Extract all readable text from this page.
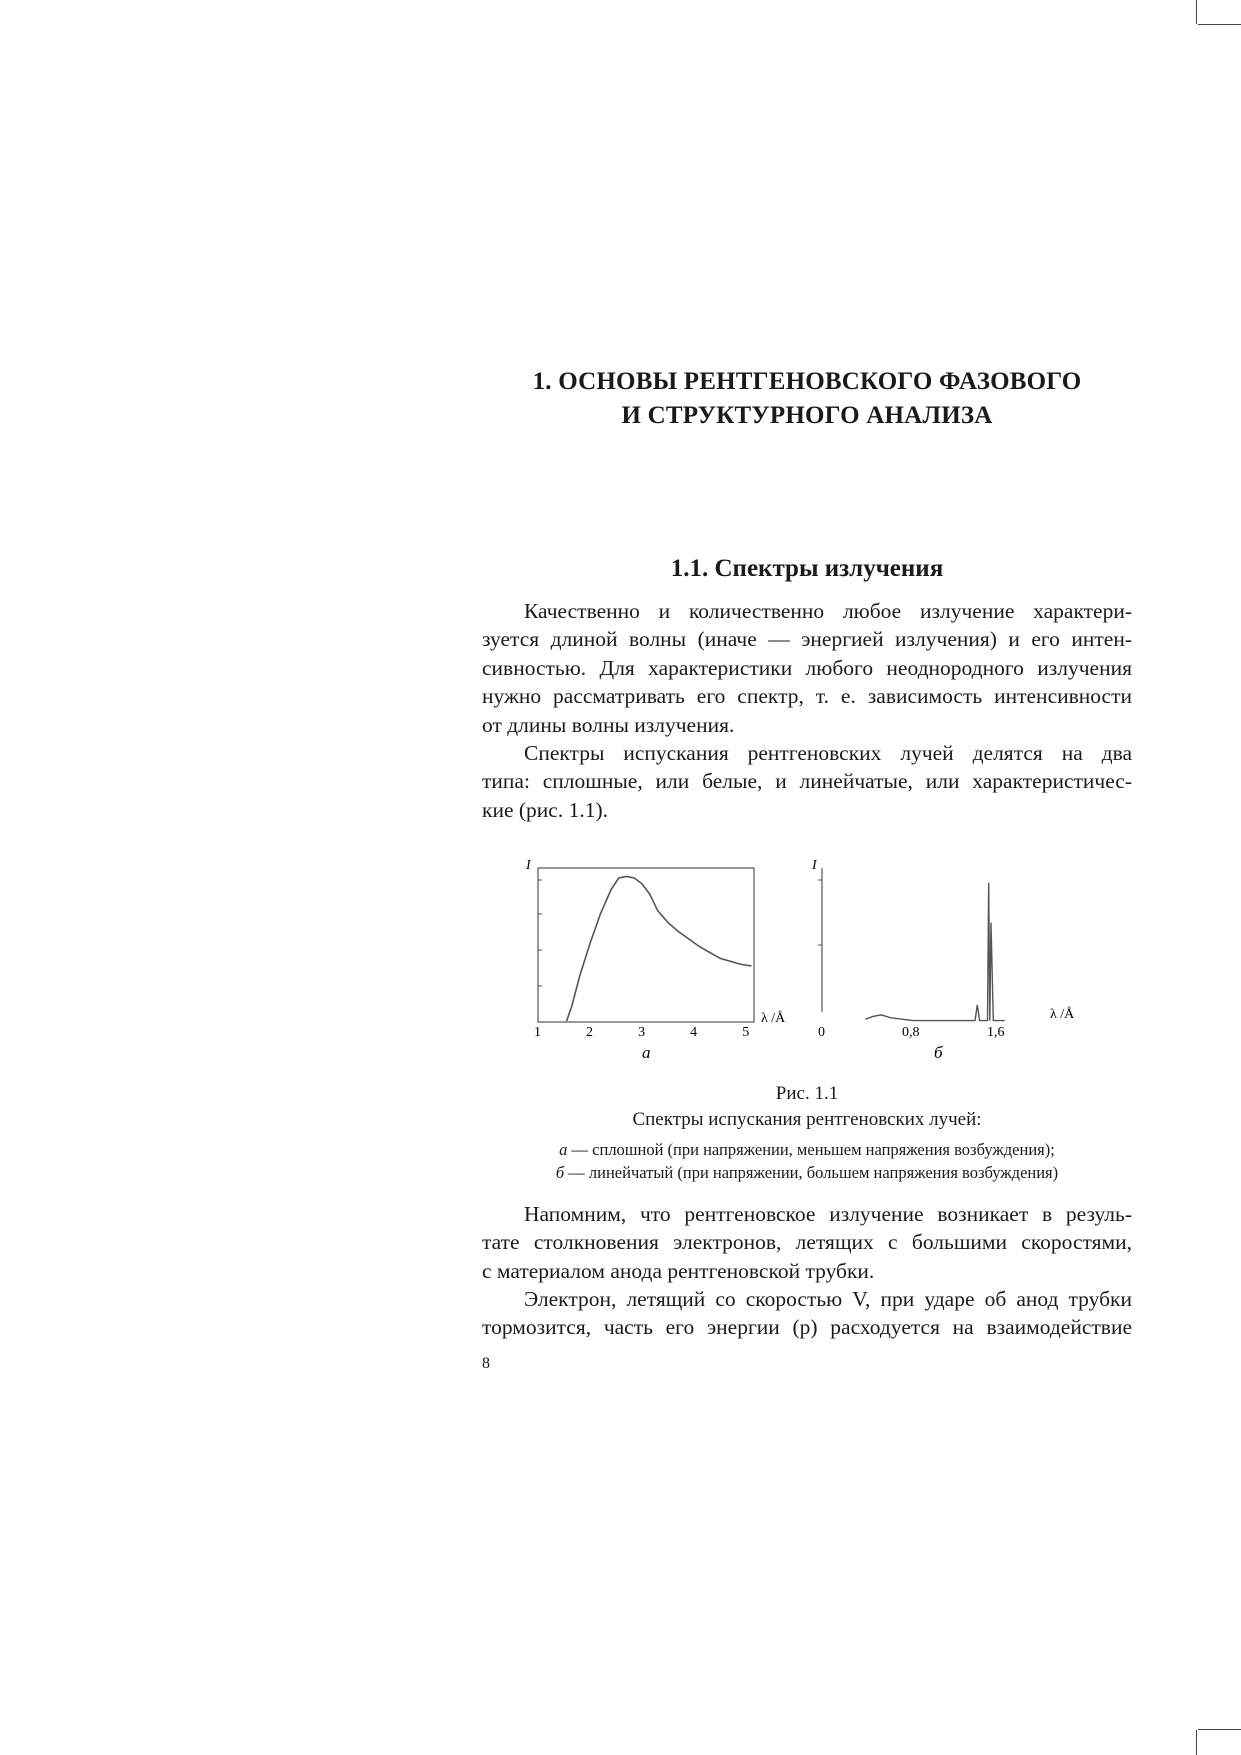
1. ОСНОВЫ РЕНТГЕНОВСКОГО ФАЗОВОГО
И СТРУКТУРНОГО АНАЛИЗА
1.1. Спектры излучения
Качественно и количественно любое излучение характери-
зуется длиной волны (иначе — энергией излучения) и его интен-
сивностью. Для характеристики любого неоднородного излучения
нужно рассматривать его спектр, т. е. зависимость интенсивности
от длины волны излучения.
Спектры испускания рентгеновских лучей делятся на два
типа: сплошные, или белые, и линейчатые, или характеристичес-
кие (рис. 1.1).
I
λ /Å
1	2	3	4	5
а
I
λ /Å
0	0,8	1,6
б
Рис. 1.1
Спектры испускания рентгеновских лучей:
а — сплошной (при напряжении, меньшем напряжения возбуждения);
б — линейчатый (при напряжении, большем напряжения возбуждения)
Напомним, что рентгеновское излучение возникает в резуль-
тате столкновения электронов, летящих с большими скоростями,
с материалом анода рентгеновской трубки.
Электрон, летящий со скоростью V, при ударе об анод трубки
тормозится, часть его энергии (p) расходуется на взаимодействие
8
